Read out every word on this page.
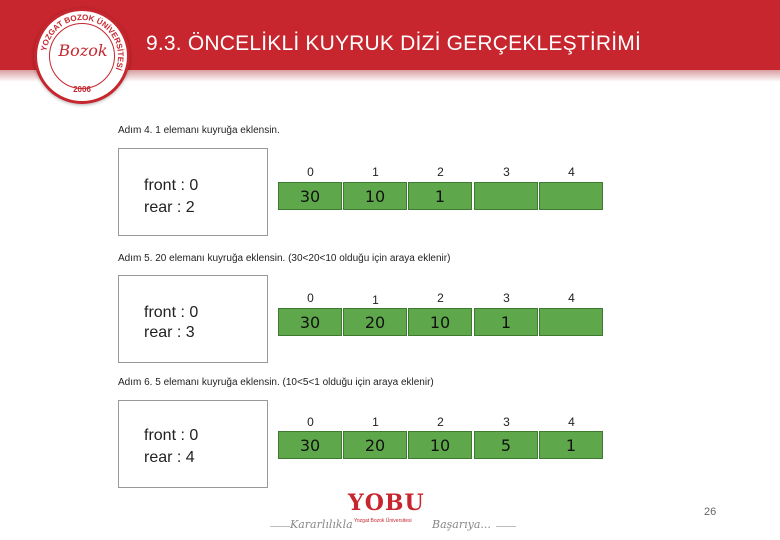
9.3. ÖNCELİKLİ KUYRUK DİZİ GERÇEKLEŞTİRİMİ
YOZGAT BOZOK ÜNİVERSİTESİ
Bozok
2006
Adım 4. 1 elemanı kuyruğa eklensin.
front : 0
rear : 2
0	1	2	3	4
30	10	1
Adım 5. 20 elemanı kuyruğa eklensin. (30<20<10 olduğu için araya eklenir)
front : 0
rear : 3
0	1	2	3	4
30	20	10	1
Adım 6. 5 elemanı kuyruğa eklensin. (10<5<1 olduğu için araya eklenir)
front : 0
rear : 4
0	1	2	3	4
30	20	10	5	1
Kararlılıkla
YOBU
Yozgat Bozok Üniversitesi Başarıya...
26
